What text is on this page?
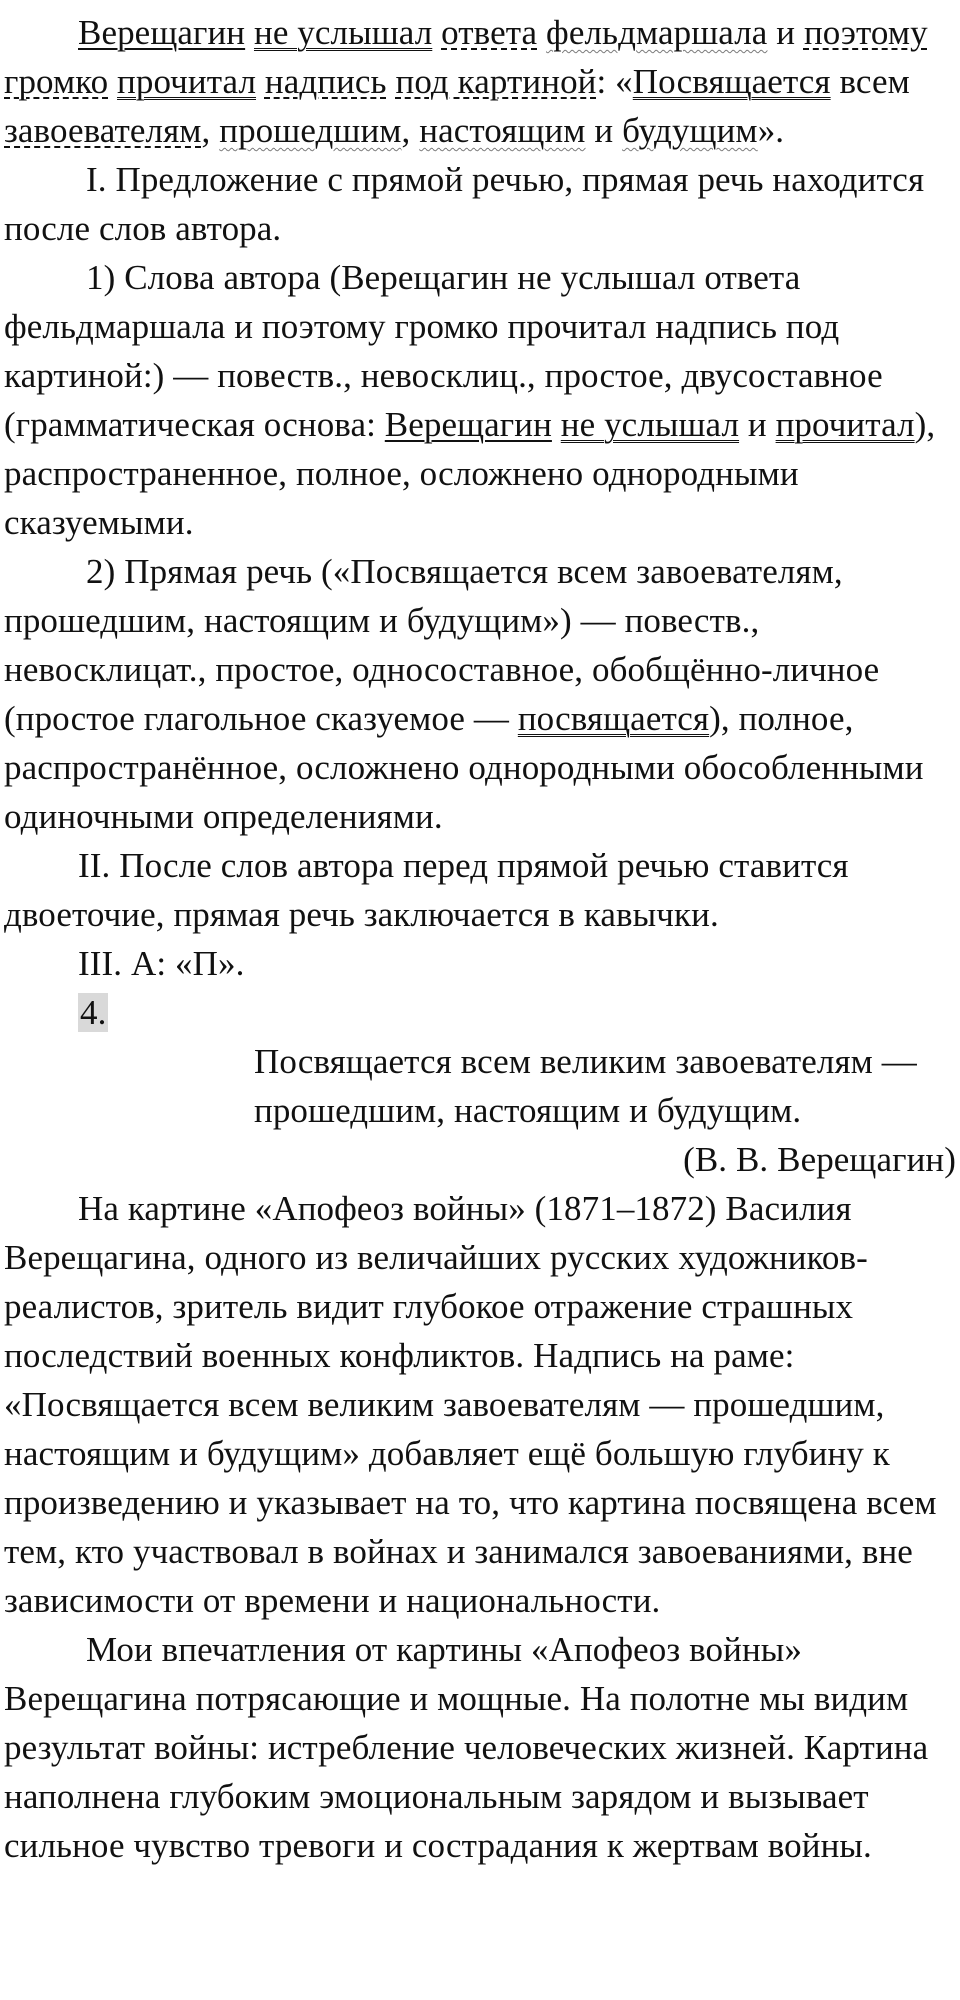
Верещагин не услышал ответа фельдмаршала и поэтому громко прочитал надпись под картиной: «Посвящается всем завоевателям, прошедшим, настоящим и будущим».

I. Предложение с прямой речью, прямая речь находится после слов автора.

1) Слова автора (Верещагин не услышал ответа фельдмаршала и поэтому громко прочитал надпись под картиной:) — повеств., невосклиц., простое, двусоставное (грамматическая основа: Верещагин не услышал и прочитал), распространенное, полное, осложнено однородными сказуемыми.

2) Прямая речь («Посвящается всем завоевателям, прошедшим, настоящим и будущим») — повеств., невосклицат., простое, односоставное, обобщённо-личное (простое глагольное сказуемое — посвящается), полное, распространённое, осложнено однородными обособленными одиночными определениями.

II. После слов автора перед прямой речью ставится двоеточие, прямая речь заключается в кавычки.

III. А: «П».

4.

Посвящается всем великим завоевателям —

прошедшим, настоящим и будущим.

(В. В. Верещагин)

На картине «Апофеоз войны» (1871–1872) Василия Верещагина, одного из величайших русских художников-реалистов, зритель видит глубокое отражение страшных последствий военных конфликтов. Надпись на раме: «Посвящается всем великим завоевателям — прошедшим, настоящим и будущим» добавляет ещё большую глубину к произведению и указывает на то, что картина посвящена всем тем, кто участвовал в войнах и занимался завоеваниями, вне зависимости от времени и национальности.

Мои впечатления от картины «Апофеоз войны» Верещагина потрясающие и мощные. На полотне мы видим результат войны: истребление человеческих жизней. Картина наполнена глубоким эмоциональным зарядом и вызывает сильное чувство тревоги и сострадания к жертвам войны.
